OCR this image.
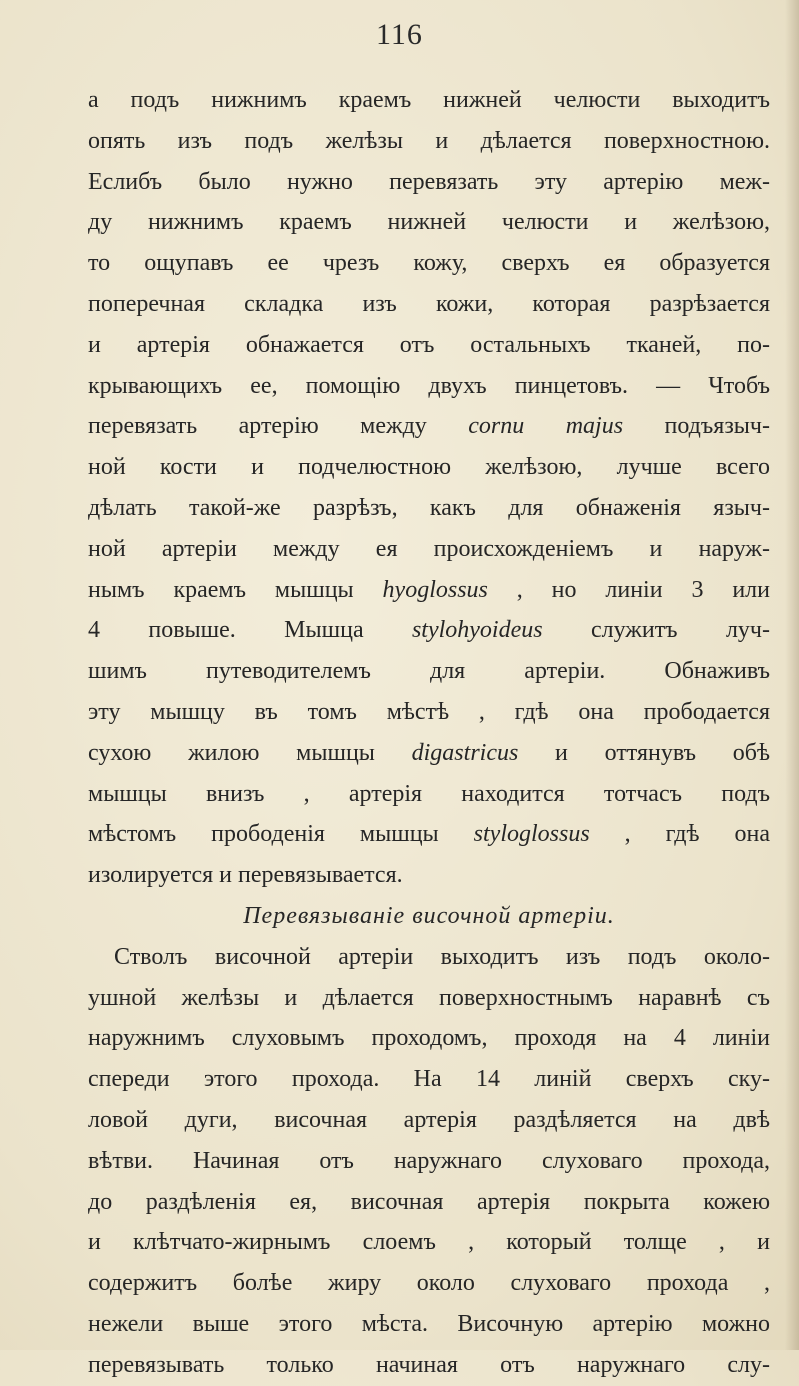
116
а подъ нижнимъ краемъ нижней челюсти выходитъ
опять изъ подъ желѣзы и дѣлается поверхностною.
Еслибъ было нужно перевязать эту артерію меж-
ду нижнимъ краемъ нижней челюсти и желѣзою,
то ощупавъ ее чрезъ кожу, сверхъ ея образуется
поперечная складка изъ кожи, которая разрѣзается
и артерія обнажается отъ остальныхъ тканей, по-
крывающихъ ее, помощію двухъ пинцетовъ. — Чтобъ
перевязать артерію между cornu majus подъязыч-
ной кости и подчелюстною желѣзою, лучше всего
дѣлать такой-же разрѣзъ, какъ для обнаженія языч-
ной артеріи между ея происхожденіемъ и наруж-
нымъ краемъ мышцы hyoglossus , но линіи 3 или
4 повыше. Мышца stylohyoideus служитъ луч-
шимъ путеводителемъ для артеріи. Обнаживъ
эту мышцу въ томъ мѣстѣ , гдѣ она прободается
сухою жилою мышцы digastricus и оттянувъ обѣ
мышцы внизъ , артерія находится тотчасъ подъ
мѣстомъ прободенія мышцы styloglossus , гдѣ она
изолируется и перевязывается.
Перевязываніе височной артеріи.
Стволъ височной артеріи выходитъ изъ подъ около-
ушной желѣзы и дѣлается поверхностнымъ наравнѣ съ
наружнимъ слуховымъ проходомъ, проходя на 4 линіи
спереди этого прохода. На 14 линій сверхъ ску-
ловой дуги, височная артерія раздѣляется на двѣ
вѣтви. Начиная отъ наружнаго слуховаго прохода,
до раздѣленія ея, височная артерія покрыта кожею
и клѣтчато-жирнымъ слоемъ , который толще , и
содержитъ болѣе жиру около слуховаго прохода ,
нежели выше этого мѣста. Височную артерію можно
перевязывать только начиная отъ наружнаго слу-
